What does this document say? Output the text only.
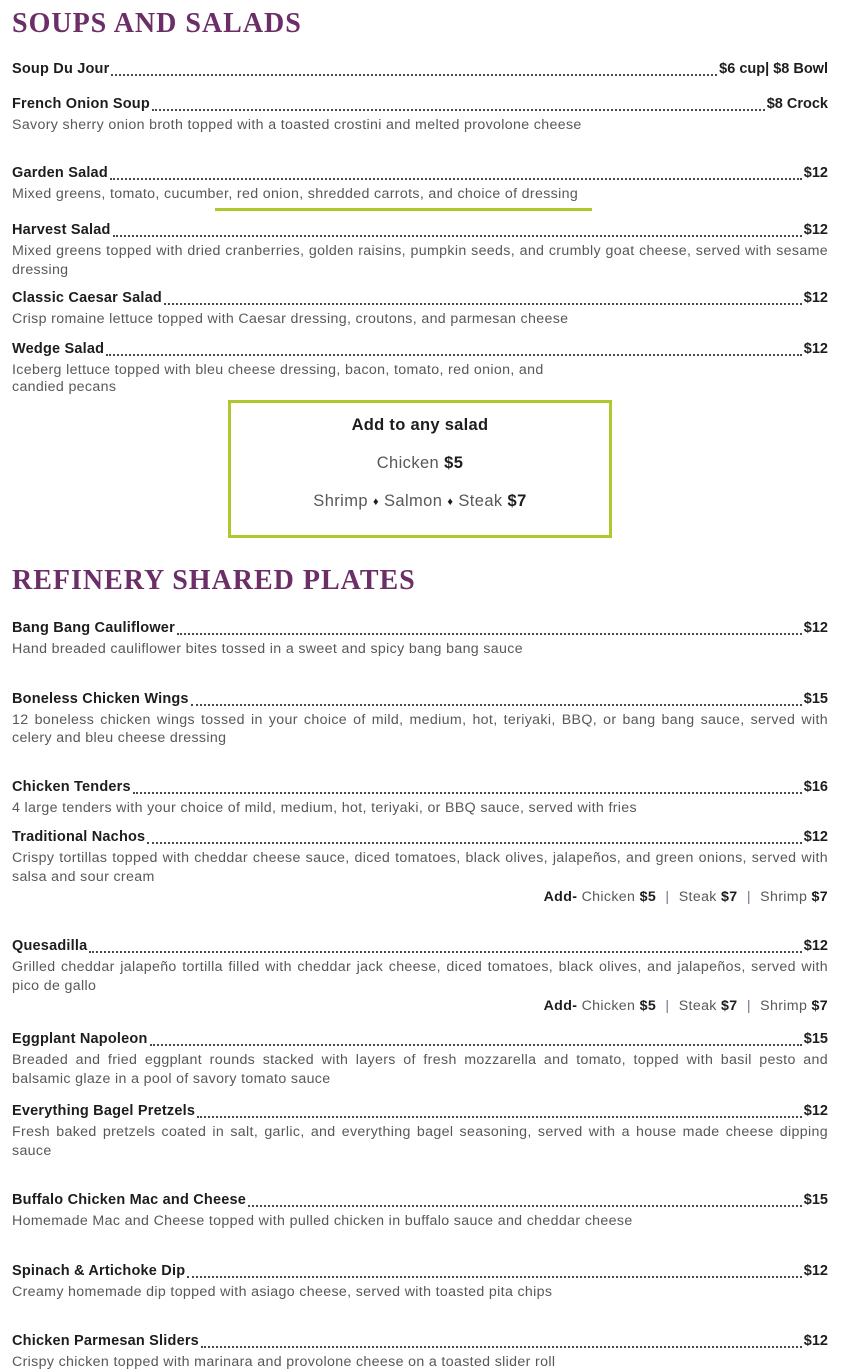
SOUPS AND SALADS
Soup Du Jour	$6 cup| $8 Bowl
French Onion Soup	$8 Crock

Savory sherry onion broth topped with a toasted crostini and melted provolone cheese

Garden Salad	$12

Mixed greens, tomato, cucumber, red onion, shredded carrots, and choice of dressing

Harvest Salad	$12

Mixed greens topped with dried cranberries, golden raisins, pumpkin seeds, and crumbly goat cheese, served with sesame dressing

Classic Caesar Salad	$12

Crisp romaine lettuce topped with Caesar dressing, croutons, and parmesan cheese

Wedge Salad	$12

Iceberg lettuce topped with bleu cheese dressing, bacon, tomato, red onion, and

candied pecans

Add to any salad
Chicken $5
Shrimp ♦ Salmon ♦ Steak $7
REFINERY SHARED PLATES
Bang Bang Cauliflower	$12

Hand breaded cauliflower bites tossed in a sweet and spicy bang bang sauce

Boneless Chicken Wings	$15

12 boneless chicken wings tossed in your choice of mild, medium, hot, teriyaki, BBQ, or bang bang sauce, served with celery and bleu cheese dressing

Chicken Tenders	$16

4 large tenders with your choice of mild, medium, hot, teriyaki, or BBQ sauce, served with fries

Traditional Nachos	$12

Crispy tortillas topped with cheddar cheese sauce, diced tomatoes, black olives, jalapeños, and green onions, served with salsa and sour cream

Add- Chicken $5 | Steak $7 | Shrimp $7
Quesadilla	$12

Grilled cheddar jalapeño tortilla filled with cheddar jack cheese, diced tomatoes, black olives, and jalapeños, served with pico de gallo

Add- Chicken $5 | Steak $7 | Shrimp $7
Eggplant Napoleon	$15

Breaded and fried eggplant rounds stacked with layers of fresh mozzarella and tomato, topped with basil pesto and balsamic glaze in a pool of savory tomato sauce

Everything Bagel Pretzels	$12

Fresh baked pretzels coated in salt, garlic, and everything bagel seasoning, served with a house made cheese dipping sauce

Buffalo Chicken Mac and Cheese	$15

Homemade Mac and Cheese topped with pulled chicken in buffalo sauce and cheddar cheese

Spinach & Artichoke Dip	$12

Creamy homemade dip topped with asiago cheese, served with toasted pita chips

Chicken Parmesan Sliders	$12

Crispy chicken topped with marinara and provolone cheese on a toasted slider roll
